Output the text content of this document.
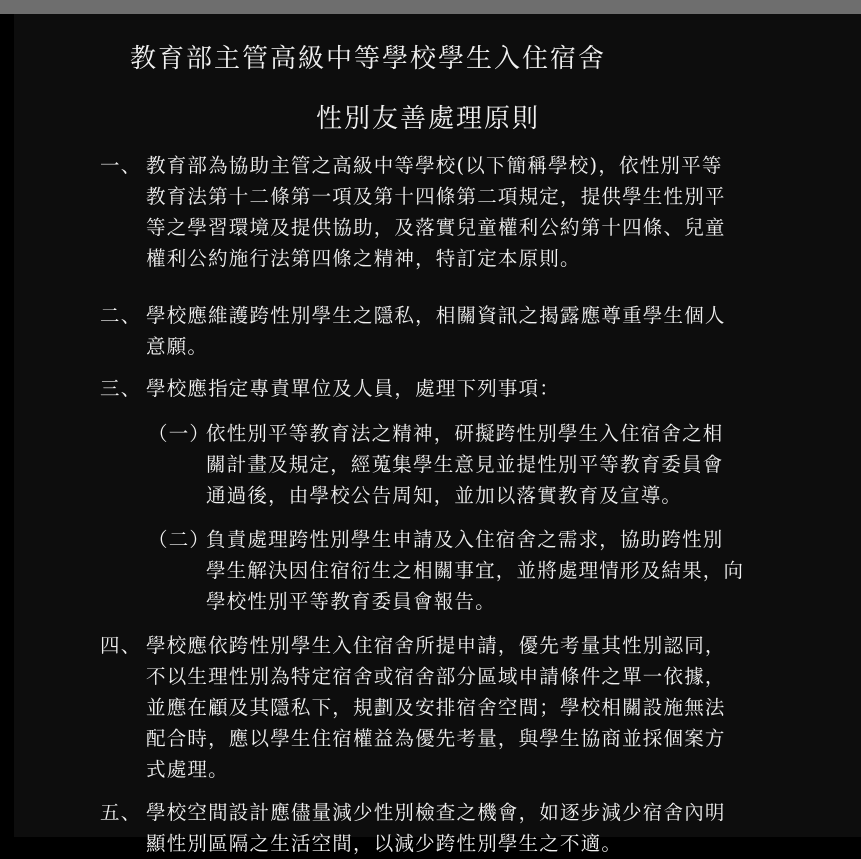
教育部主管高級中等學校學生入住宿舍
性別友善處理原則
一、 教育部為協助主管之高級中等學校(以下簡稱學校)，依性別平等
教育法第十二條第一項及第十四條第二項規定，提供學生性別平
等之學習環境及提供協助，及落實兒童權利公約第十四條、兒童
權利公約施行法第四條之精神，特訂定本原則。
二、 學校應維護跨性別學生之隱私，相關資訊之揭露應尊重學生個人
意願。
三、 學校應指定專責單位及人員，處理下列事項：
（一）
依性別平等教育法之精神，研擬跨性別學生入住宿舍之相
關計畫及規定，經蒐集學生意見並提性別平等教育委員會
通過後，由學校公告周知，並加以落實教育及宣導。
（二）
負責處理跨性別學生申請及入住宿舍之需求，協助跨性別
學生解決因住宿衍生之相關事宜，並將處理情形及結果，向
學校性別平等教育委員會報告。
四、 學校應依跨性別學生入住宿舍所提申請，優先考量其性別認同，
不以生理性別為特定宿舍或宿舍部分區域申請條件之單一依據，
並應在顧及其隱私下，規劃及安排宿舍空間；學校相關設施無法
配合時，應以學生住宿權益為優先考量，與學生協商並採個案方
式處理。
五、 學校空間設計應儘量減少性別檢查之機會，如逐步減少宿舍內明
顯性別區隔之生活空間，以減少跨性別學生之不適。
